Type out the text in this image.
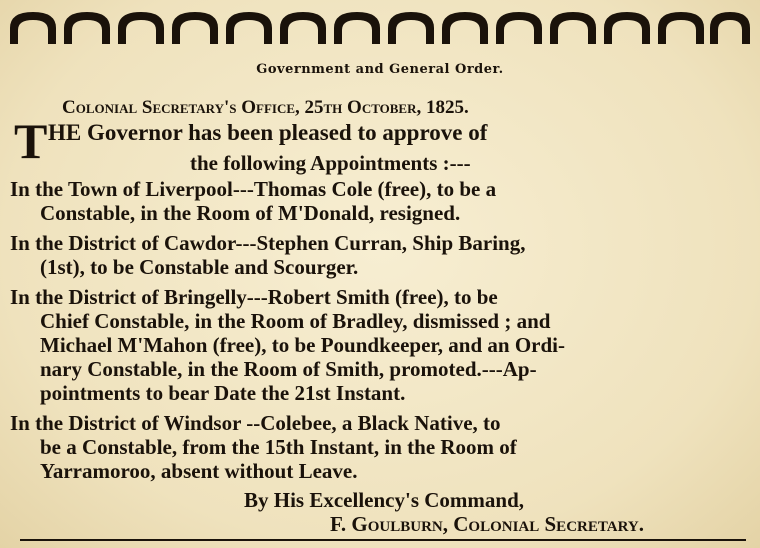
Government and General Order.
Colonial Secretary's Office, 25th October, 1825.
T HE Governor has been pleased to approve of
the following Appointments :---
In the Town of Liverpool---Thomas Cole (free), to be a
Constable, in the Room of M'Donald, resigned.
In the District of Cawdor---Stephen Curran, Ship Baring,
(1st), to be Constable and Scourger.
In the District of Bringelly---Robert Smith (free), to be
Chief Constable, in the Room of Bradley, dismissed ; and
Michael M'Mahon (free), to be Poundkeeper, and an Ordi-
nary Constable, in the Room of Smith, promoted.---Ap-
pointments to bear Date the 21st Instant.
In the District of Windsor --Colebee, a Black Native, to
be a Constable, from the 15th Instant, in the Room of
Yarramoroo, absent without Leave.
By His Excellency's Command,
F. Goulburn, Colonial Secretary.
